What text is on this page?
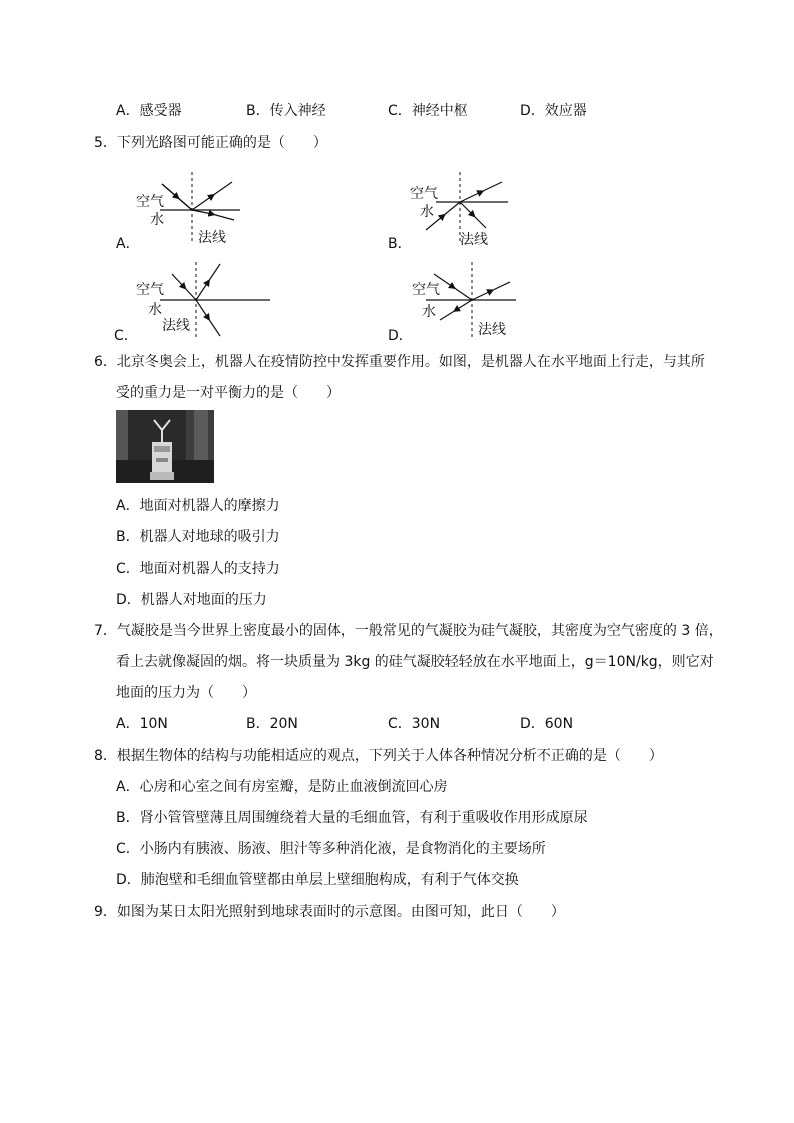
A．感受器	B．传入神经	C．神经中枢	D．效应器
5．下列光路图可能正确的是（　　）
A．
空气
水
法线	B．
空气
水
法线
C．
空气
水
法线
D．
空气
水
法线
6．北京冬奥会上，机器人在疫情防控中发挥重要作用。如图，是机器人在水平地面上行走，与其所
受的重力是一对平衡力的是（　　）
A．地面对机器人的摩擦力
B．机器人对地球的吸引力
C．地面对机器人的支持力
D．机器人对地面的压力
7．气凝胶是当今世界上密度最小的固体，一般常见的气凝胶为硅气凝胶，其密度为空气密度的 3 倍，
看上去就像凝固的烟。将一块质量为 3kg 的硅气凝胶轻轻放在水平地面上，g＝10N/kg，则它对
地面的压力为（　　）
A．10N	B．20N	C．30N	D．60N
8．根据生物体的结构与功能相适应的观点，下列关于人体各种情况分析不正确的是（　　）
A．心房和心室之间有房室瓣，是防止血液倒流回心房
B．肾小管管壁薄且周围缠绕着大量的毛细血管，有利于重吸收作用形成原尿
C．小肠内有胰液、肠液、胆汁等多种消化液，是食物消化的主要场所
D．肺泡壁和毛细血管壁都由单层上壁细胞构成，有利于气体交换
9．如图为某日太阳光照射到地球表面时的示意图。由图可知，此日（　　）
